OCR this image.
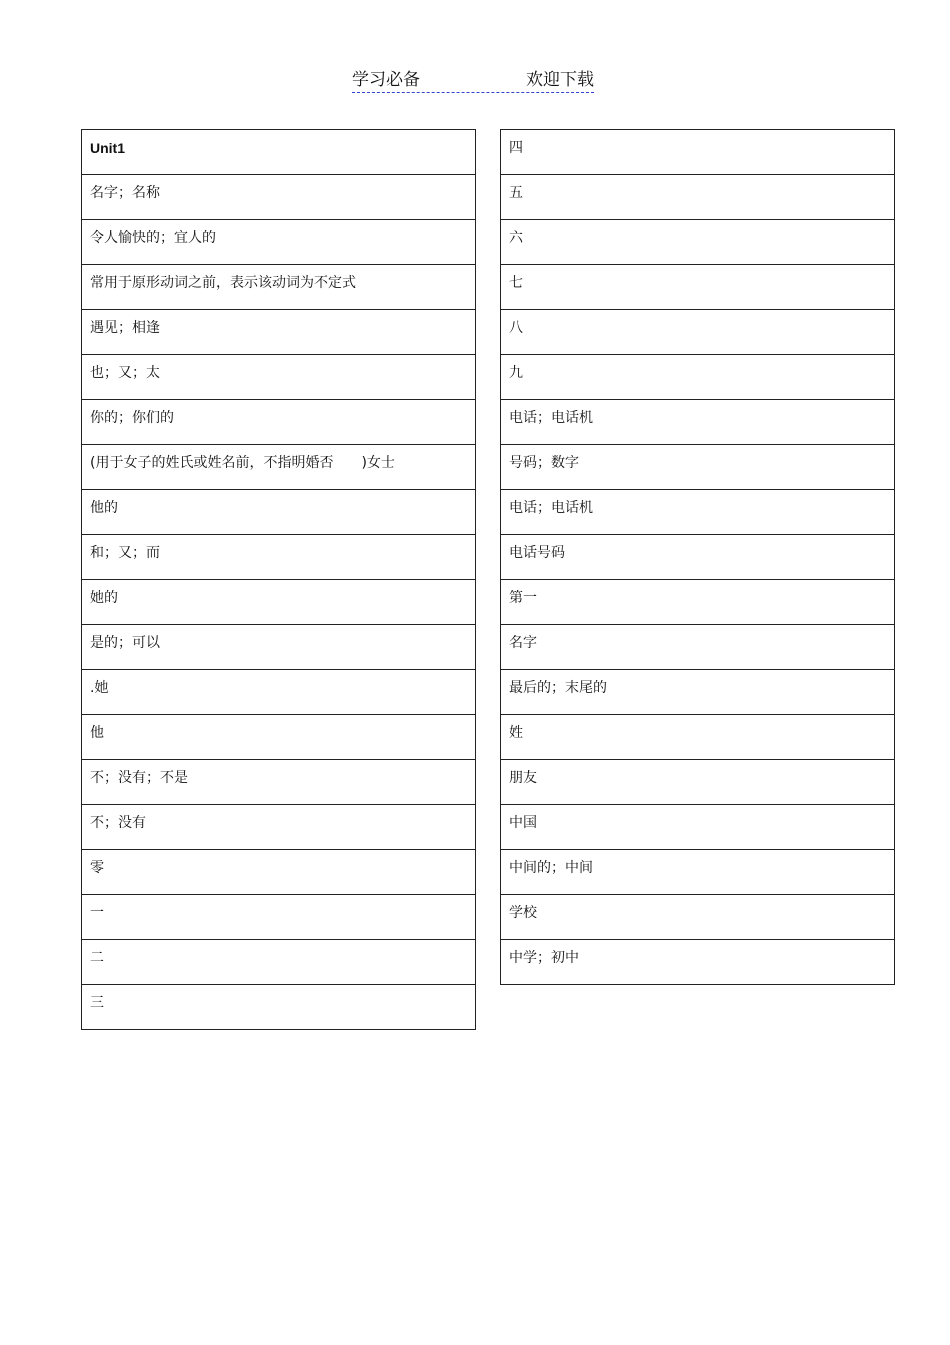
学习必备	欢迎下载
Unit1

名字；名称

令人愉快的；宜人的

常用于原形动词之前，表示该动词为不定式

遇见；相逢

也；又；太

你的；你们的

(用于女子的姓氏或姓名前，不指明婚否　　)女士

他的

和；又；而

她的

是的；可以

.她

他

不；没有；不是

不；没有

零

一

二

三
四

五

六

七

八

九

电话；电话机

号码；数字

电话；电话机

电话号码

第一

名字

最后的；末尾的

姓

朋友

中国

中间的；中间

学校

中学；初中
